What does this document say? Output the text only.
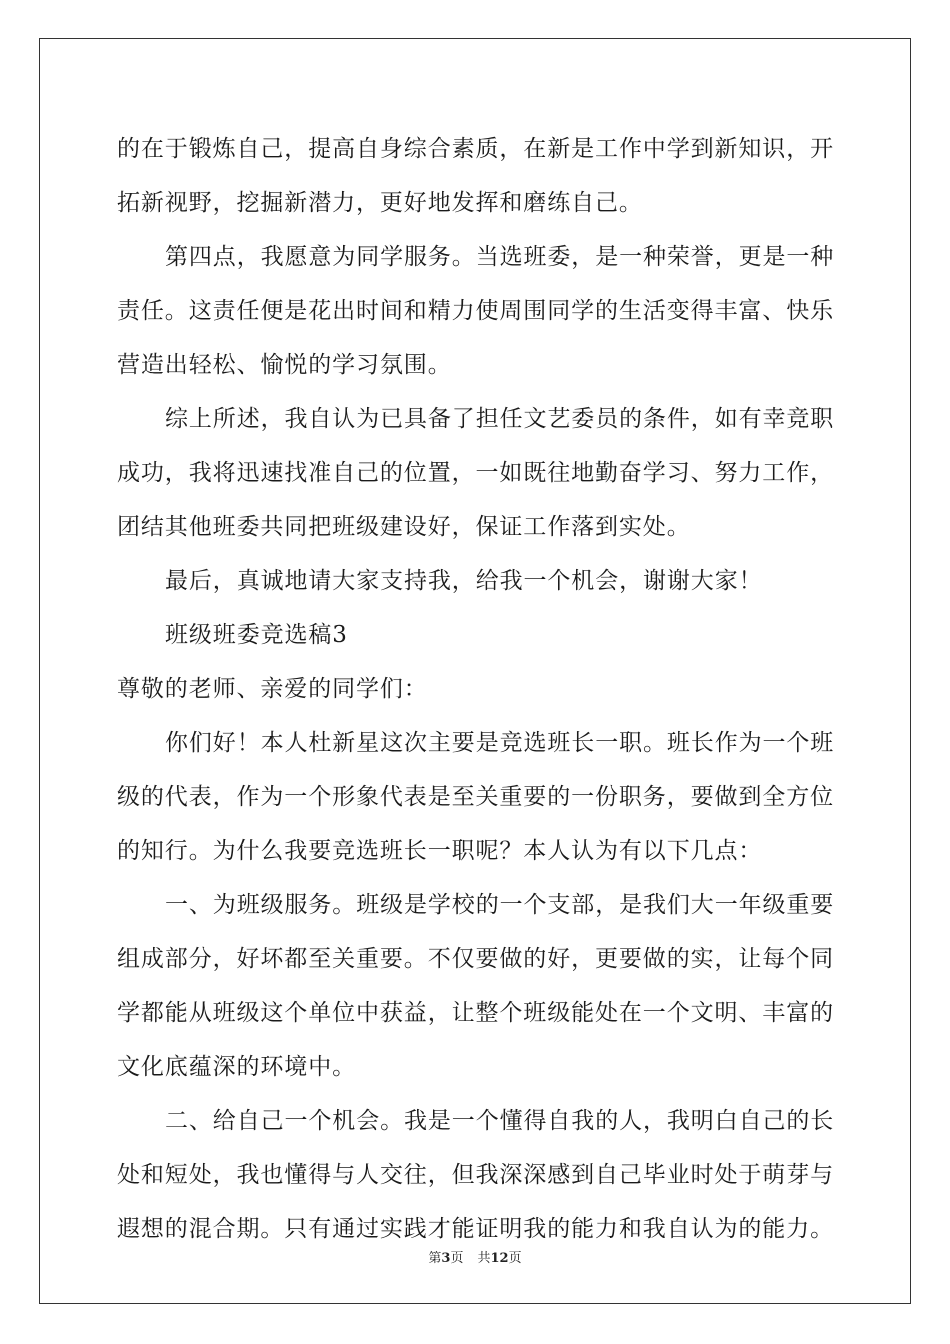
的在于锻炼自己，提高自身综合素质，在新是工作中学到新知识，开
拓新视野，挖掘新潜力，更好地发挥和磨练自己。
第四点，我愿意为同学服务。当选班委，是一种荣誉，更是一种
责任。这责任便是花出时间和精力使周围同学的生活变得丰富、快乐
营造出轻松、愉悦的学习氛围。
综上所述，我自认为已具备了担任文艺委员的条件，如有幸竞职
成功，我将迅速找准自己的位置，一如既往地勤奋学习、努力工作，
团结其他班委共同把班级建设好，保证工作落到实处。
最后，真诚地请大家支持我，给我一个机会，谢谢大家！
班级班委竞选稿3
尊敬的老师、亲爱的同学们：
你们好！本人杜新星这次主要是竞选班长一职。班长作为一个班
级的代表，作为一个形象代表是至关重要的一份职务，要做到全方位
的知行。为什么我要竞选班长一职呢？本人认为有以下几点：
一、为班级服务。班级是学校的一个支部，是我们大一年级重要
组成部分，好坏都至关重要。不仅要做的好，更要做的实，让每个同
学都能从班级这个单位中获益，让整个班级能处在一个文明、丰富的
文化底蕴深的环境中。
二、给自己一个机会。我是一个懂得自我的人，我明白自己的长
处和短处，我也懂得与人交往，但我深深感到自己毕业时处于萌芽与
遐想的混合期。只有通过实践才能证明我的能力和我自认为的能力。
第3页 共12页
